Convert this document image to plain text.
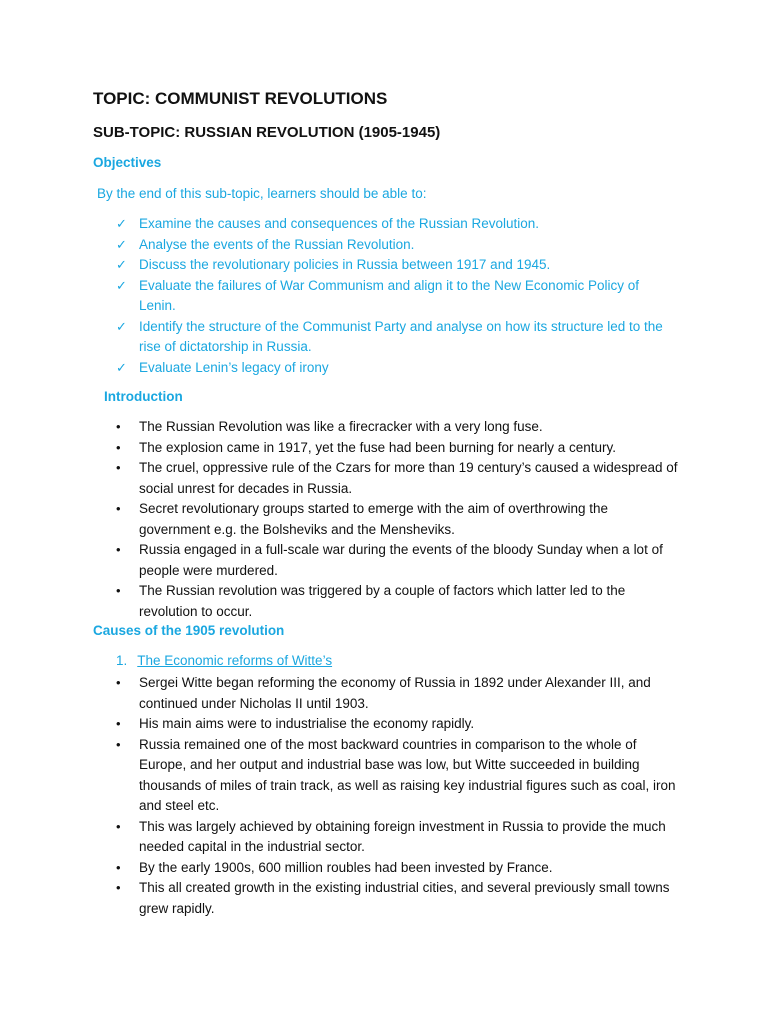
TOPIC: COMMUNIST REVOLUTIONS
SUB-TOPIC: RUSSIAN REVOLUTION (1905-1945)
Objectives
By the end of this sub-topic, learners should be able to:
✓ Examine the causes and consequences of the Russian Revolution.
✓ Analyse the events of the Russian Revolution.
✓ Discuss the revolutionary policies in Russia between 1917 and 1945.
✓ Evaluate the failures of War Communism and align it to the New Economic Policy of Lenin.
✓ Identify the structure of the Communist Party and analyse on how its structure led to the rise of dictatorship in Russia.
✓ Evaluate Lenin’s legacy of irony
Introduction
• The Russian Revolution was like a firecracker with a very long fuse.
• The explosion came in 1917, yet the fuse had been burning for nearly a century.
• The cruel, oppressive rule of the Czars for more than 19 century’s caused a widespread of social unrest for decades in Russia.
• Secret revolutionary groups started to emerge with the aim of overthrowing the government e.g. the Bolsheviks and the Mensheviks.
• Russia engaged in a full-scale war during the events of the bloody Sunday when a lot of people were murdered.
• The Russian revolution was triggered by a couple of factors which latter led to the revolution to occur.
Causes of the 1905 revolution
1. The Economic reforms of Witte’s
• Sergei Witte began reforming the economy of Russia in 1892 under Alexander III, and continued under Nicholas II until 1903.
• His main aims were to industrialise the economy rapidly.
• Russia remained one of the most backward countries in comparison to the whole of Europe, and her output and industrial base was low, but Witte succeeded in building thousands of miles of train track, as well as raising key industrial figures such as coal, iron and steel etc.
• This was largely achieved by obtaining foreign investment in Russia to provide the much needed capital in the industrial sector.
• By the early 1900s, 600 million roubles had been invested by France.
• This all created growth in the existing industrial cities, and several previously small towns grew rapidly.
